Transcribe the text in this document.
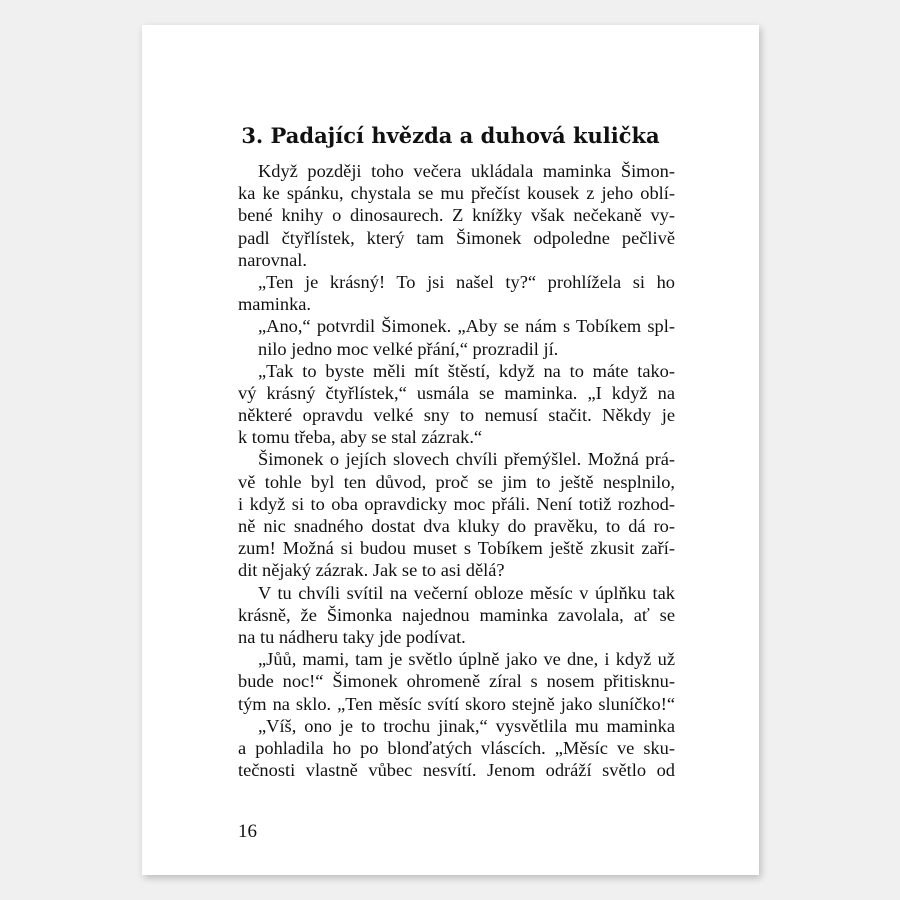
3. Padající hvězda a duhová kulička
Když později toho večera ukládala maminka Šimon-
ka ke spánku, chystala se mu přečíst kousek z jeho oblí-
bené knihy o dinosaurech. Z knížky však nečekaně vy-
padl čtyřlístek, který tam Šimonek odpoledne pečlivě
narovnal.
„Ten je krásný! To jsi našel ty?“ prohlížela si ho
maminka.
„Ano,“ potvrdil Šimonek. „Aby se nám s Tobíkem spl-
nilo jedno moc velké přání,“ prozradil jí.
„Tak to byste měli mít štěstí, když na to máte tako-
vý krásný čtyřlístek,“ usmála se maminka. „I když na
některé opravdu velké sny to nemusí stačit. Někdy je
k tomu třeba, aby se stal zázrak.“
Šimonek o jejích slovech chvíli přemýšlel. Možná prá-
vě tohle byl ten důvod, proč se jim to ještě nesplnilo,
i když si to oba opravdicky moc přáli. Není totiž rozhod-
ně nic snadného dostat dva kluky do pravěku, to dá ro-
zum! Možná si budou muset s Tobíkem ještě zkusit zaří-
dit nějaký zázrak. Jak se to asi dělá?
V tu chvíli svítil na večerní obloze měsíc v úplňku tak
krásně, že Šimonka najednou maminka zavolala, ať se
na tu nádheru taky jde podívat.
„Jůů, mami, tam je světlo úplně jako ve dne, i když už
bude noc!“ Šimonek ohromeně zíral s nosem přitisknu-
tým na sklo. „Ten měsíc svítí skoro stejně jako sluníčko!“
„Víš, ono je to trochu jinak,“ vysvětlila mu maminka
a pohladila ho po blonďatých vláscích. „Měsíc ve sku-
tečnosti vlastně vůbec nesvítí. Jenom odráží světlo od
16
